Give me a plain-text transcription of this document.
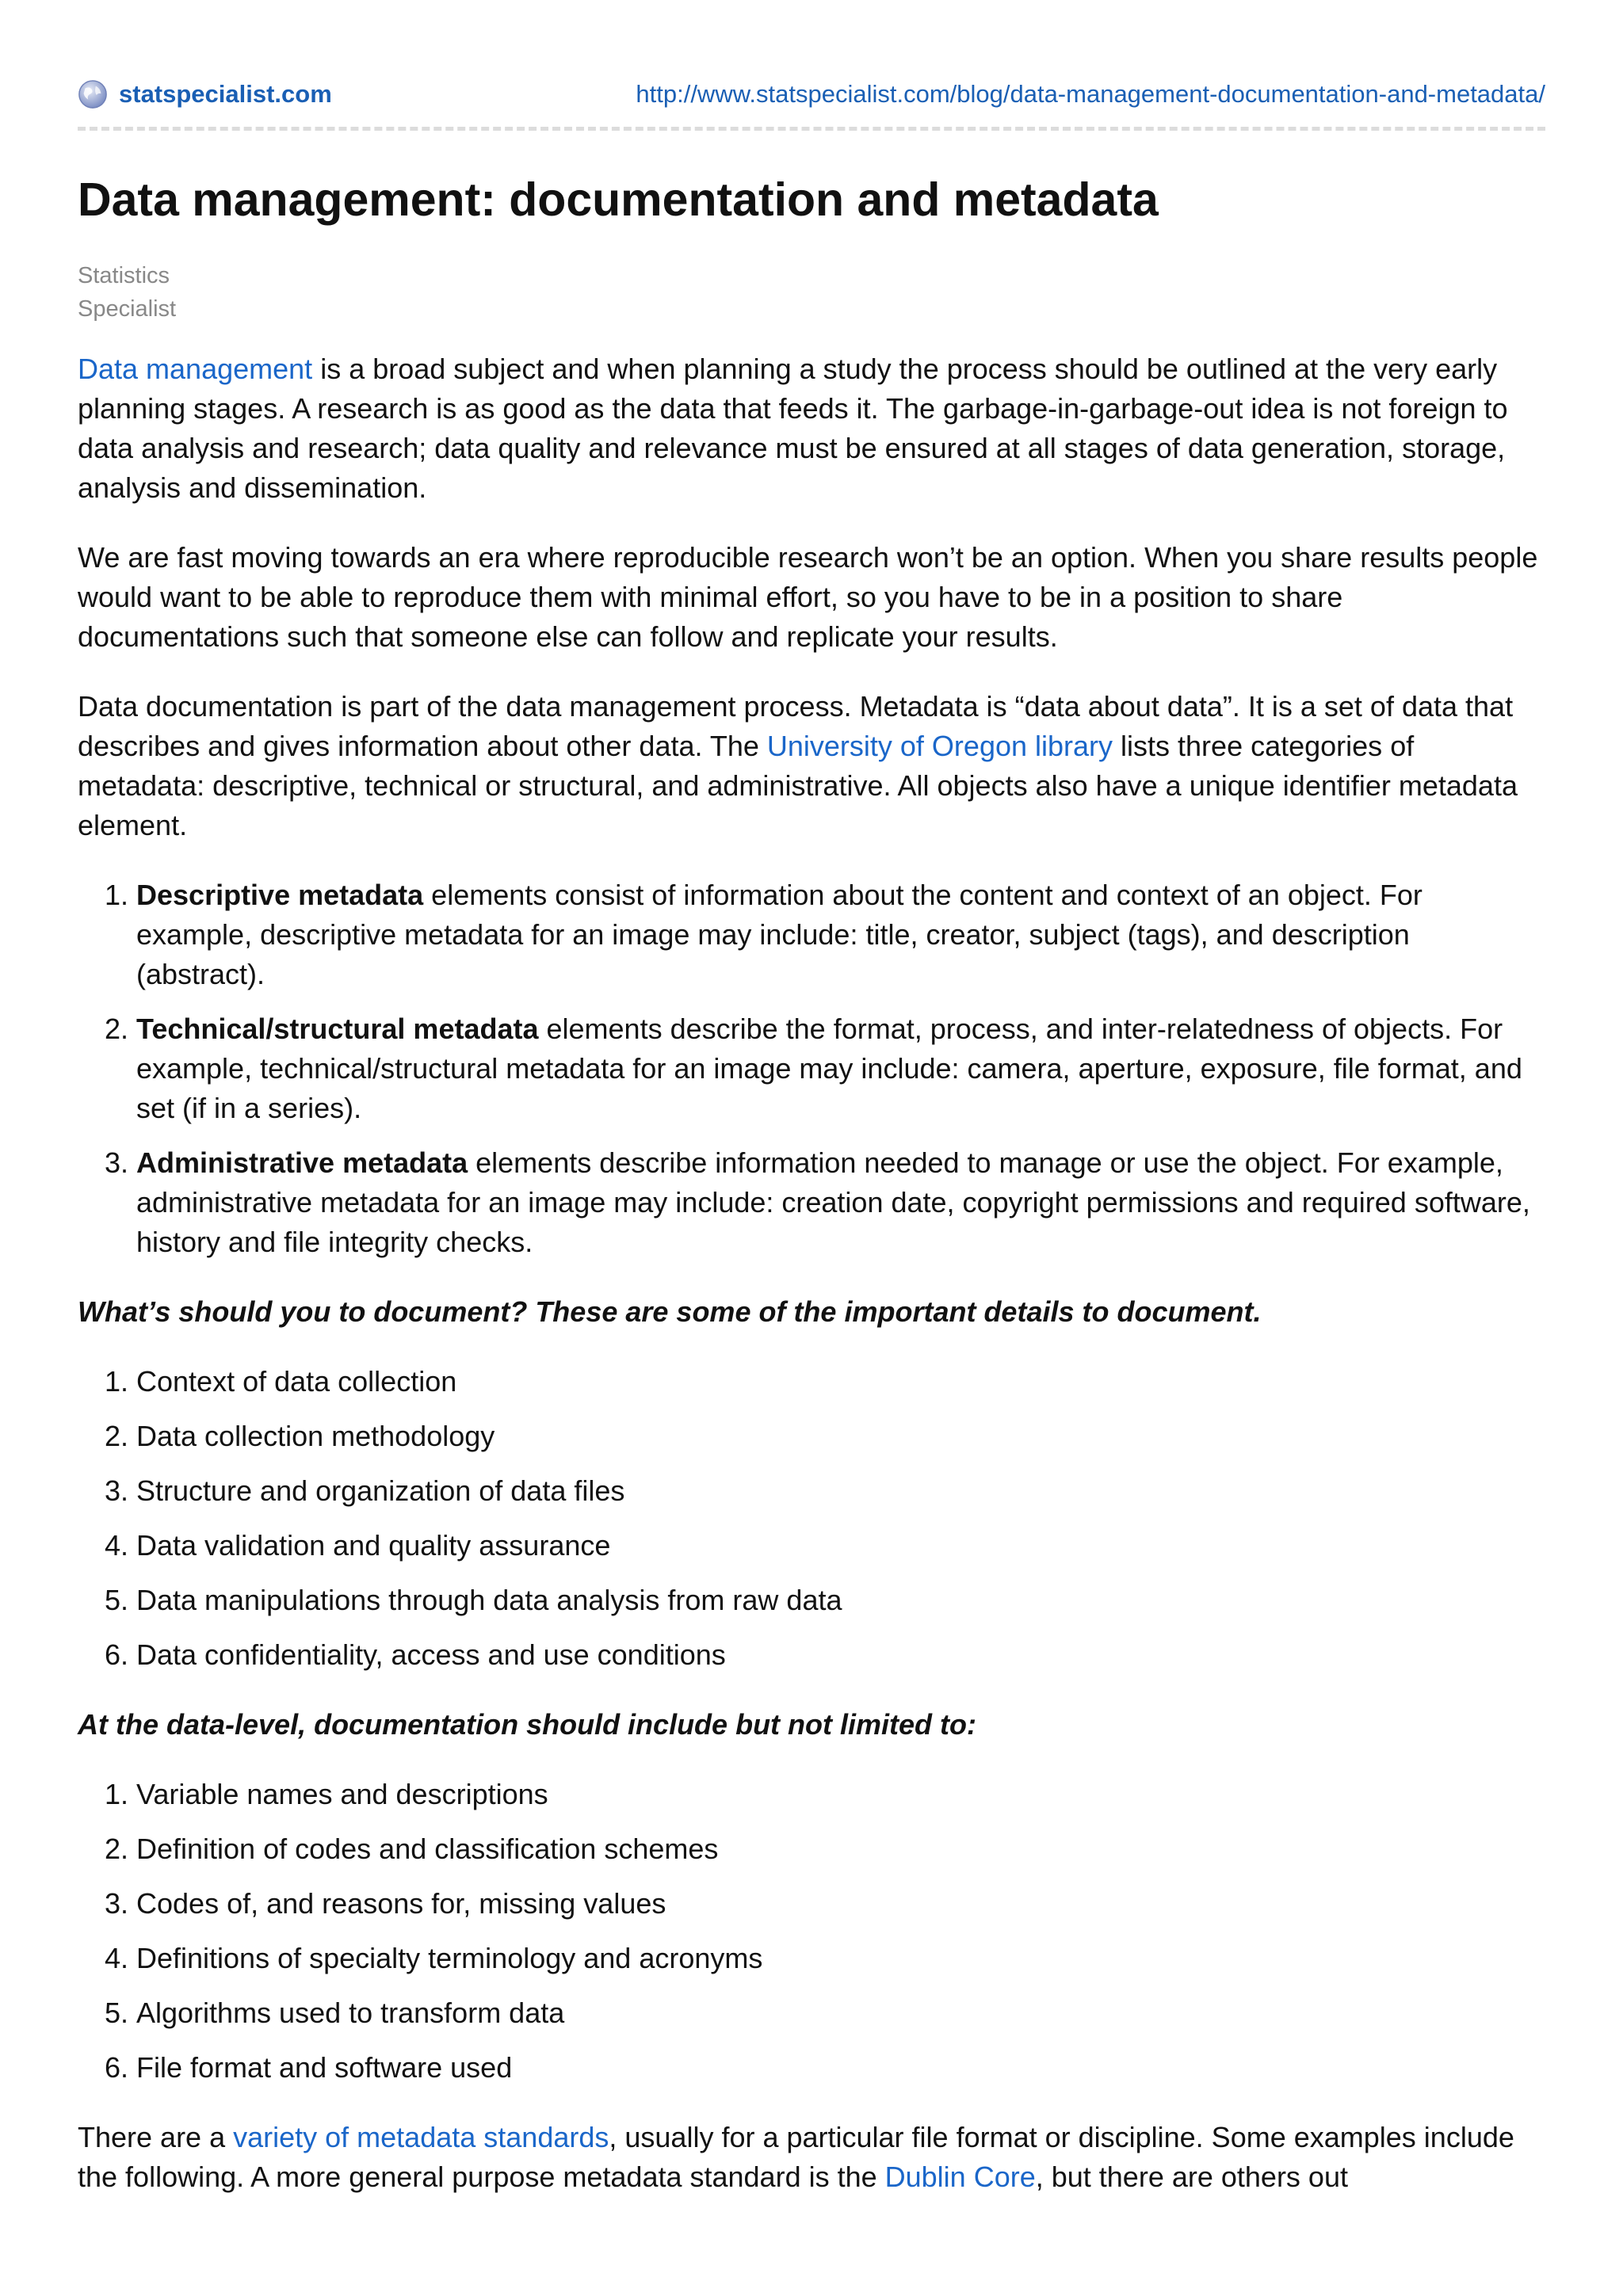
statspecialist.com	http://www.statspecialist.com/blog/data-management-documentation-and-metadata/
Data management: documentation and metadata
Statistics
Specialist

Data management is a broad subject and when planning a study the process should be outlined at the very early planning stages. A research is as good as the data that feeds it. The garbage-in-garbage-out idea is not foreign to data analysis and research; data quality and relevance must be ensured at all stages of data generation, storage, analysis and dissemination.

We are fast moving towards an era where reproducible research won’t be an option. When you share results people would want to be able to reproduce them with minimal effort, so you have to be in a position to share documentations such that someone else can follow and replicate your results.

Data documentation is part of the data management process. Metadata is “data about data”. It is a set of data that describes and gives information about other data. The University of Oregon library lists three categories of metadata: descriptive, technical or structural, and administrative. All objects also have a unique identifier metadata element.

1. Descriptive metadata elements consist of information about the content and context of an object. For example, descriptive metadata for an image may include: title, creator, subject (tags), and description (abstract).
2. Technical/structural metadata elements describe the format, process, and inter-relatedness of objects. For example, technical/structural metadata for an image may include: camera, aperture, exposure, file format, and set (if in a series).
3. Administrative metadata elements describe information needed to manage or use the object. For example, administrative metadata for an image may include: creation date, copyright permissions and required software, history and file integrity checks.

What’s should you to document? These are some of the important details to document.

1. Context of data collection
2. Data collection methodology
3. Structure and organization of data files
4. Data validation and quality assurance
5. Data manipulations through data analysis from raw data
6. Data confidentiality, access and use conditions

At the data-level, documentation should include but not limited to:

1. Variable names and descriptions
2. Definition of codes and classification schemes
3. Codes of, and reasons for, missing values
4. Definitions of specialty terminology and acronyms
5. Algorithms used to transform data
6. File format and software used

There are a variety of metadata standards, usually for a particular file format or discipline. Some examples include the following. A more general purpose metadata standard is the Dublin Core, but there are others out
